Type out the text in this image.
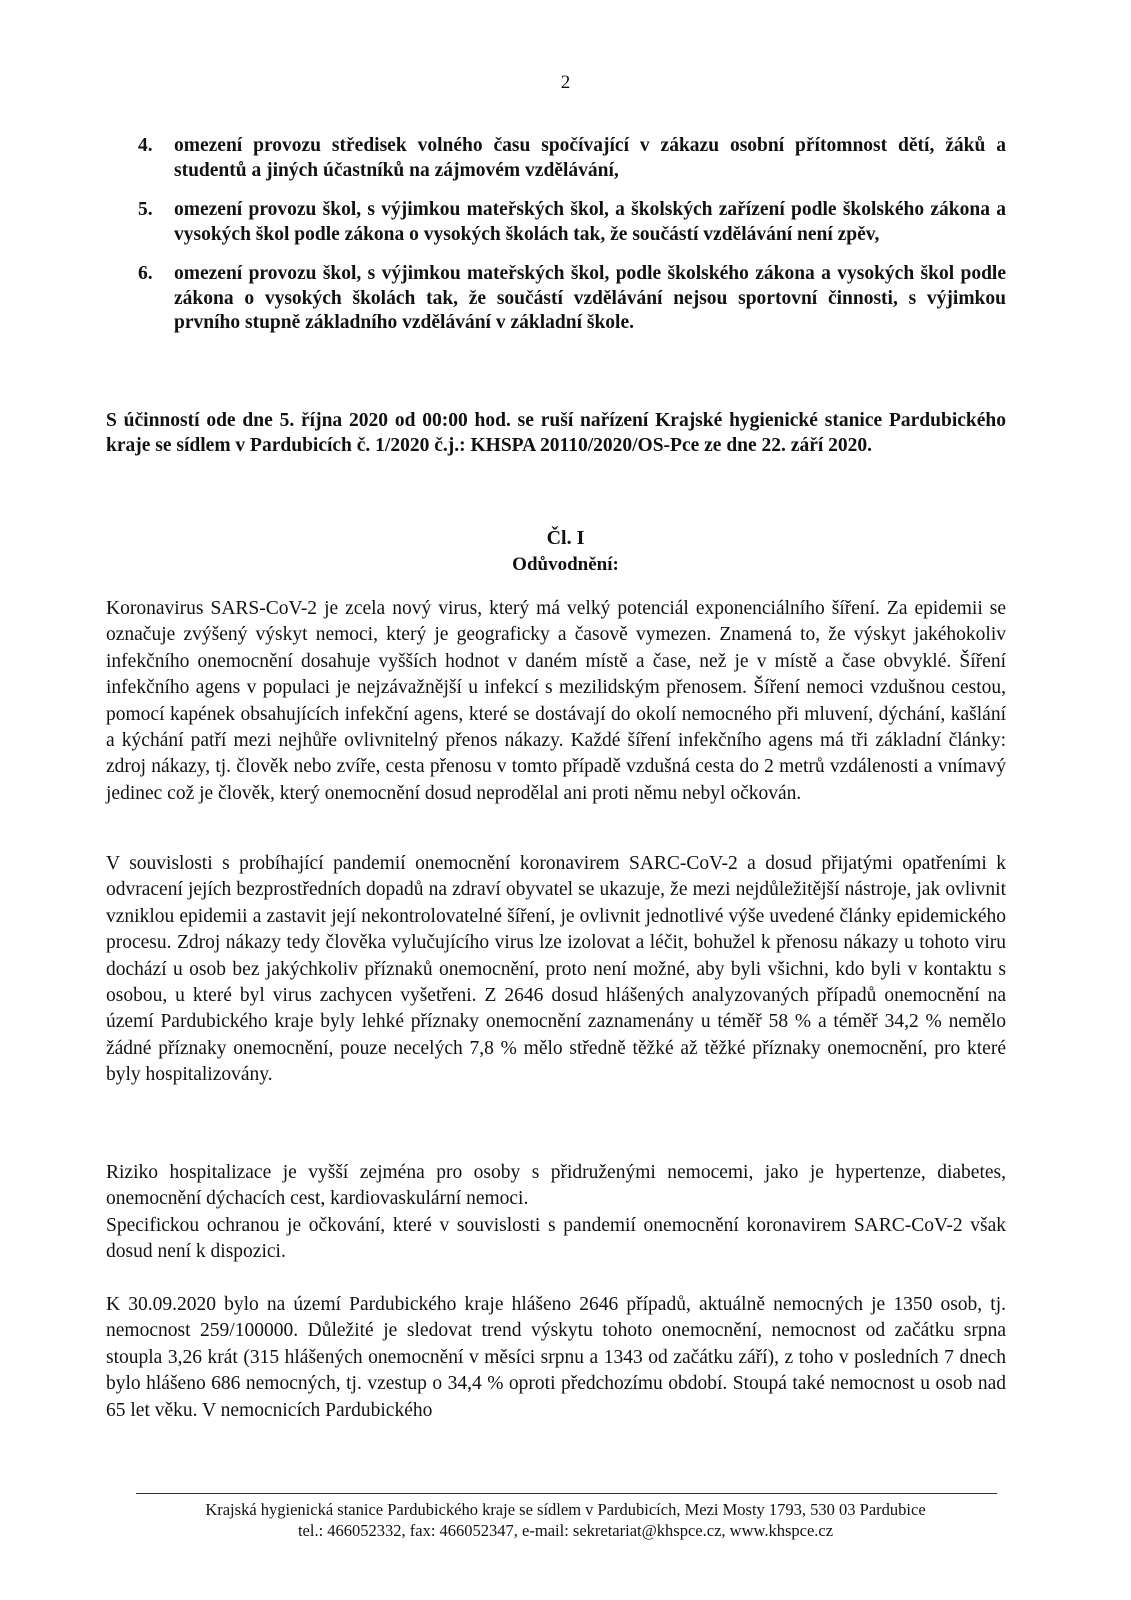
2
4. omezení provozu středisek volného času spočívající v zákazu osobní přítomnost dětí, žáků a studentů a jiných účastníků na zájmovém vzdělávání,
5. omezení provozu škol, s výjimkou mateřských škol, a školských zařízení podle školského zákona a vysokých škol podle zákona o vysokých školách tak, že součástí vzdělávání není zpěv,
6. omezení provozu škol, s výjimkou mateřských škol, podle školského zákona a vysokých škol podle zákona o vysokých školách tak, že součástí vzdělávání nejsou sportovní činnosti, s výjimkou prvního stupně základního vzdělávání v základní škole.

S účinností ode dne 5. října 2020 od 00:00 hod. se ruší nařízení Krajské hygienické stanice Pardubického kraje se sídlem v Pardubicích č. 1/2020 č.j.: KHSPA 20110/2020/OS-Pce ze dne 22. září 2020.

Čl. I
Odůvodnění:

Koronavirus SARS-CoV-2 je zcela nový virus, který má velký potenciál exponenciálního šíření. Za epidemii se označuje zvýšený výskyt nemoci, který je geograficky a časově vymezen. Znamená to, že výskyt jakéhokoliv infekčního onemocnění dosahuje vyšších hodnot v daném místě a čase, než je v místě a čase obvyklé. Šíření infekčního agens v populaci je nejzávažnější u infekcí s mezilidským přenosem. Šíření nemoci vzdušnou cestou, pomocí kapének obsahujících infekční agens, které se dostávají do okolí nemocného při mluvení, dýchání, kašlání a kýchání patří mezi nejhůře ovlivnitelný přenos nákazy. Každé šíření infekčního agens má tři základní články: zdroj nákazy, tj. člověk nebo zvíře, cesta přenosu v tomto případě vzdušná cesta do 2 metrů vzdálenosti a vnímavý jedinec což je člověk, který onemocnění dosud neprodělal ani proti němu nebyl očkován.

V souvislosti s probíhající pandemií onemocnění koronavirem SARC-CoV-2 a dosud přijatými opatřeními k odvracení jejích bezprostředních dopadů na zdraví obyvatel se ukazuje, že mezi nejdůležitější nástroje, jak ovlivnit vzniklou epidemii a zastavit její nekontrolovatelné šíření, je ovlivnit jednotlivé výše uvedené články epidemického procesu. Zdroj nákazy tedy člověka vylučujícího virus lze izolovat a léčit, bohužel k přenosu nákazy u tohoto viru dochází u osob bez jakýchkoliv příznaků onemocnění, proto není možné, aby byli všichni, kdo byli v kontaktu s osobou, u které byl virus zachycen vyšetřeni. Z 2646 dosud hlášených analyzovaných případů onemocnění na území Pardubického kraje byly lehké příznaky onemocnění zaznamenány u téměř 58 % a téměř 34,2 % nemělo žádné příznaky onemocnění, pouze necelých 7,8 % mělo středně těžké až těžké příznaky onemocnění, pro které byly hospitalizovány.

Riziko hospitalizace je vyšší zejména pro osoby s přidruženými nemocemi, jako je hypertenze, diabetes, onemocnění dýchacích cest, kardiovaskulární nemoci.

Specifickou ochranou je očkování, které v souvislosti s pandemií onemocnění koronavirem SARC-CoV-2 však dosud není k dispozici.

K 30.09.2020 bylo na území Pardubického kraje hlášeno 2646 případů, aktuálně nemocných je 1350 osob, tj. nemocnost 259/100000. Důležité je sledovat trend výskytu tohoto onemocnění, nemocnost od začátku srpna stoupla 3,26 krát (315 hlášených onemocnění v měsíci srpnu a 1343 od začátku září), z toho v posledních 7 dnech bylo hlášeno 686 nemocných, tj. vzestup o 34,4 % oproti předchozímu období. Stoupá také nemocnost u osob nad 65 let věku. V nemocnicích Pardubického

Krajská hygienická stanice Pardubického kraje se sídlem v Pardubicích, Mezi Mosty 1793, 530 03 Pardubice
tel.: 466052332, fax: 466052347, e-mail: sekretariat@khspce.cz, www.khspce.cz
